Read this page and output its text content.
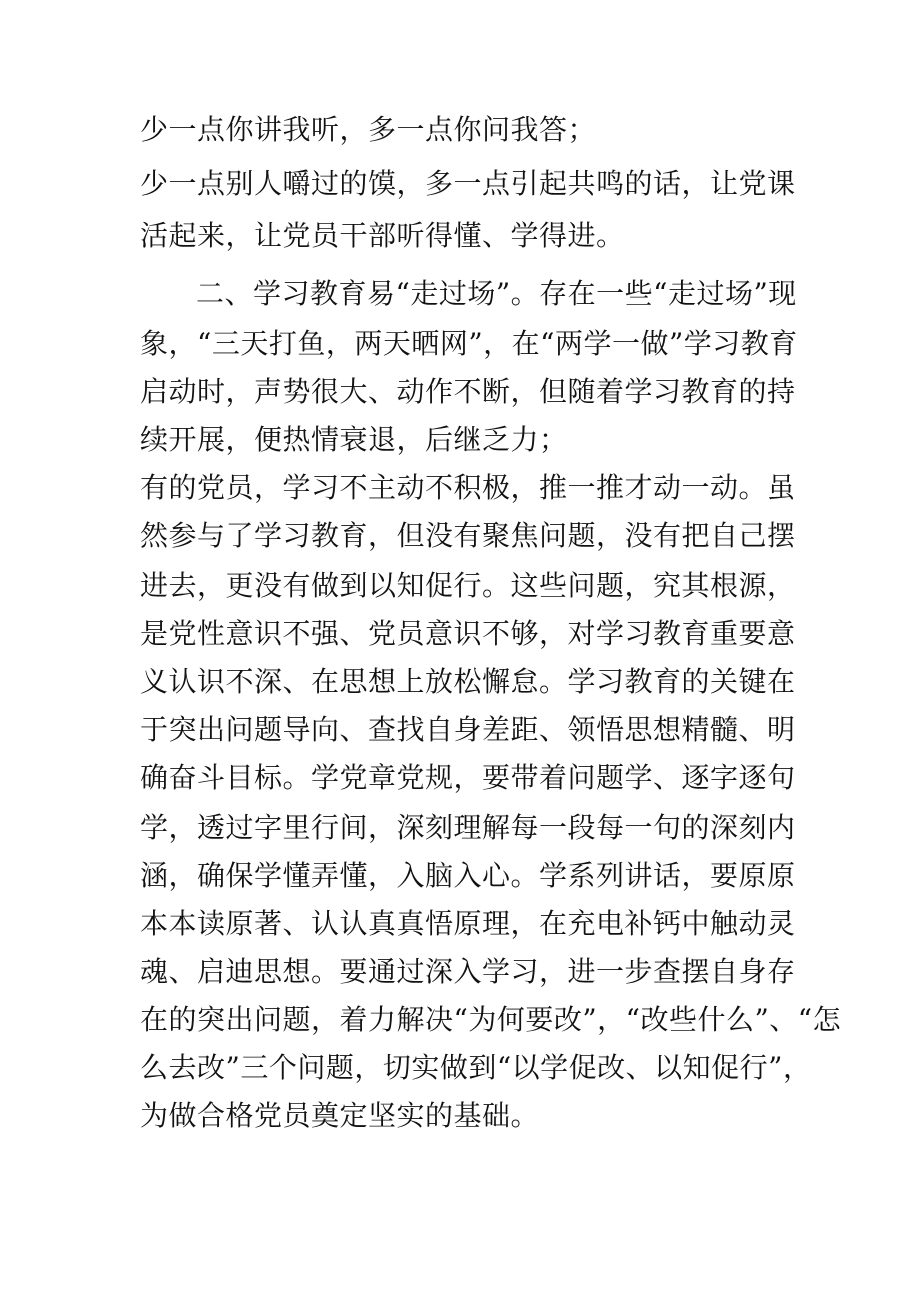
少一点你讲我听，多一点你问我答；
少一点别人嚼过的馍，多一点引起共鸣的话，让党课
活起来，让党员干部听得懂、学得进。
二、学习教育易“走过场”。存在一些“走过场”现
象，“三天打鱼，两天晒网”，在“两学一做”学习教育
启动时，声势很大、动作不断，但随着学习教育的持
续开展，便热情衰退，后继乏力；
有的党员，学习不主动不积极，推一推才动一动。虽
然参与了学习教育，但没有聚焦问题，没有把自己摆
进去，更没有做到以知促行。这些问题，究其根源，
是党性意识不强、党员意识不够，对学习教育重要意
义认识不深、在思想上放松懈怠。学习教育的关键在
于突出问题导向、查找自身差距、领悟思想精髓、明
确奋斗目标。学党章党规，要带着问题学、逐字逐句
学，透过字里行间，深刻理解每一段每一句的深刻内
涵，确保学懂弄懂，入脑入心。学系列讲话，要原原
本本读原著、认认真真悟原理，在充电补钙中触动灵
魂、启迪思想。要通过深入学习，进一步查摆自身存
在的突出问题，着力解决“为何要改”，“改些什么”、“怎
么去改”三个问题，切实做到“以学促改、以知促行”，
为做合格党员奠定坚实的基础。
